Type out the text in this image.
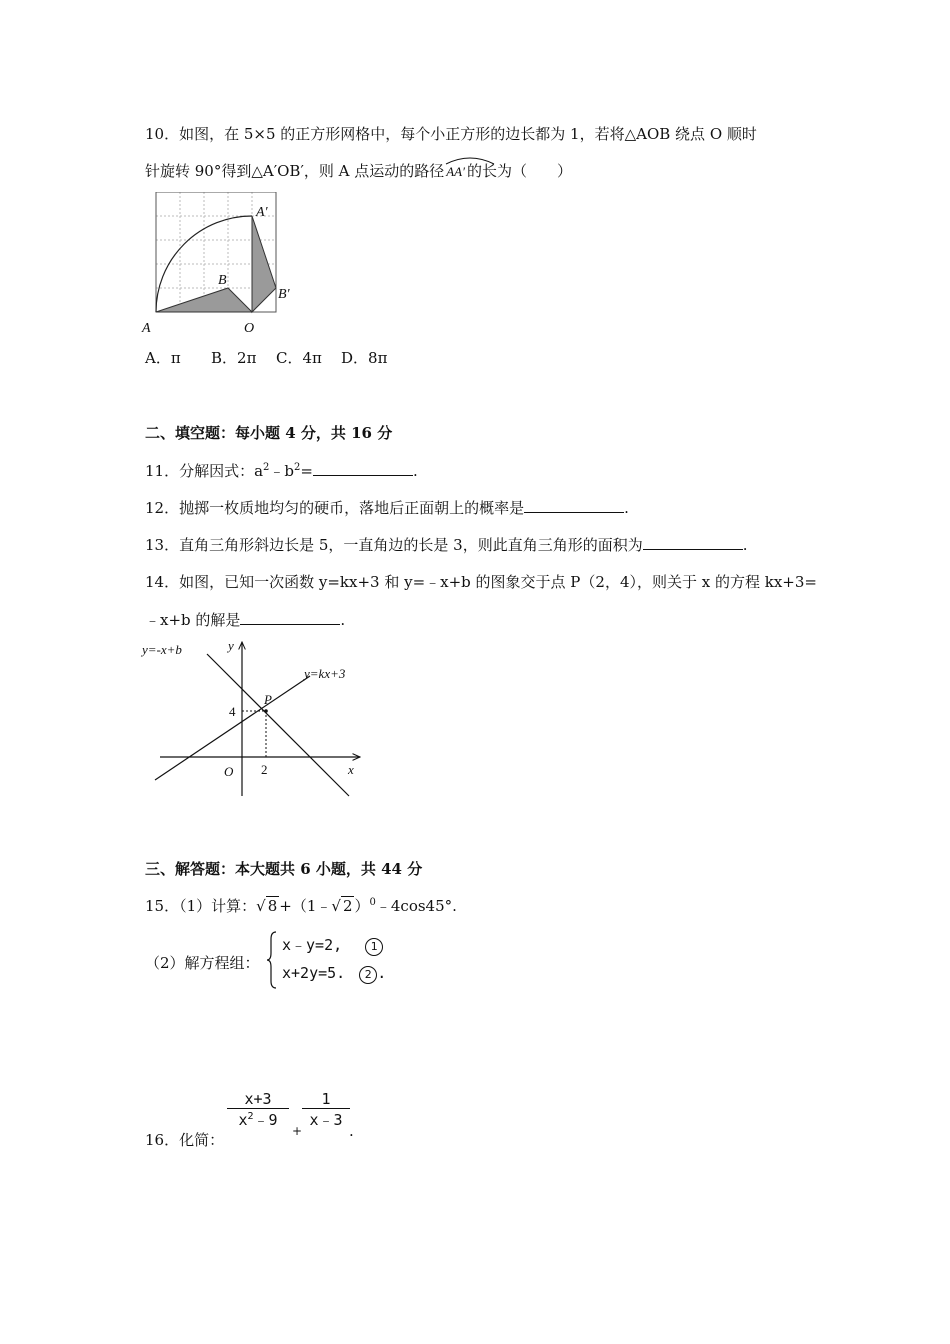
10．如图，在 5×5 的正方形网格中，每个小正方形的边长都为 1，若将△AOB 绕点 O 顺时
针旋转 90°得到△A′OB′，则 A 点运动的路径 AA′ 的长为（　　）
A	O
B
A′
B′
A．π B．2π C．4π D．8π
二、填空题：每小题 4 分，共 16 分
11．分解因式：$a^2﹣b^2=$	.
12．抛掷一枚质地均匀的硬币，落地后正面朝上的概率是	.
13．直角三角形斜边长是 5，一直角边的长是 3，则此直角三角形的面积为	.
14．如图，已知一次函数 y=kx+3 和 y=﹣x+b 的图象交于点 P（2，4），则关于 x 的方程 kx+3=
﹣x+b 的解是	.
y=-x+b
y=kx+3
y
x
O
P
4
2
三、解答题：本大题共 6 小题，共 44 分
15．（1）计算：√ 8 +（1﹣√ 2 ）$^0$﹣4cos45°.
（2）解方程组：
x﹣y=2,	1
x+2y=5. 2 .
16．化简：
$\frac{x+3}{x^2﹣9}$
+
$\frac{1}{x﹣3}$
.
